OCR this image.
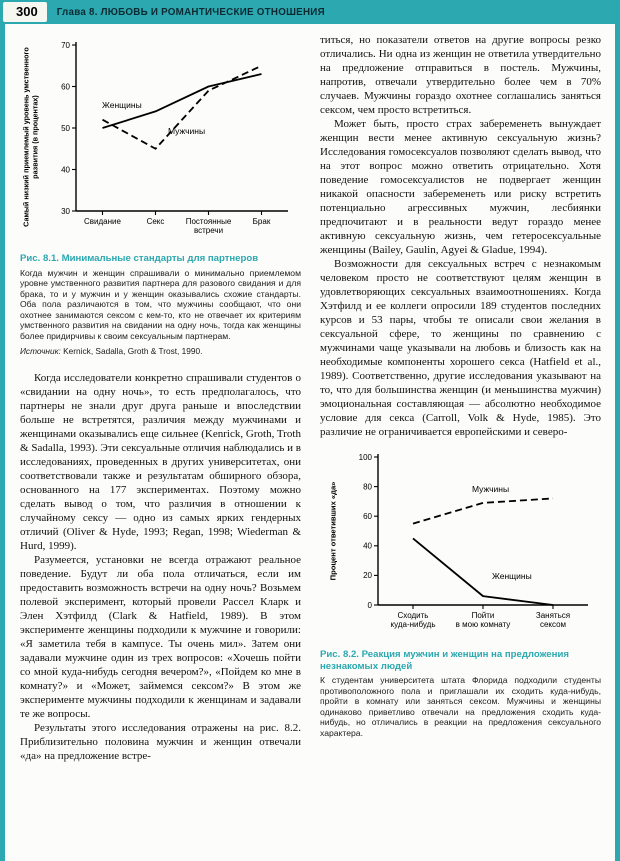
300	Глава 8. ЛЮБОВЬ И РОМАНТИЧЕСКИЕ ОТНОШЕНИЯ
Самый низкий приемлемый уровень умственного развития (в процентах)
30
40
50
60
70
Свидание	Секс	Постоянные
встречи
Брак
Женщины
Мужчины
Рис. 8.1. Минимальные стандарты для партнеров
Когда мужчин и женщин спрашивали о минимально приемлемом уровне умственного развития партнера для разового свидания и для брака, то и у мужчин и у женщин оказывались схожие стандарты. Оба пола различаются в том, что мужчины сообщают, что они охотнее занимаются сексом с кем-то, кто не отвечает их критериям умственного развития на свидании на одну ночь, тогда как женщины более придирчивы к своим сексуальным партнерам.
Источник: Kernick, Sadalla, Groth & Trost, 1990.

Когда исследователи конкретно спрашивали студентов о «свидании на одну ночь», то есть предполагалось, что партнеры не знали друг друга раньше и впоследствии больше не встретятся, различия между мужчинами и женщинами оказывались еще сильнее (Kenrick, Groth, Troth & Sadalla, 1993). Эти сексуальные отличия наблюдались и в исследованиях, проведенных в других университетах, они соответствовали также и результатам обширного обзора, основанного на 177 экспериментах. Поэтому можно сделать вывод о том, что различия в отношении к случайному сексу — одно из самых ярких гендерных отличий (Oliver & Hyde, 1993; Regan, 1998; Wiederman & Hurd, 1999).

Разумеется, установки не всегда отражают реальное поведение. Будут ли оба пола отличаться, если им предоставить возможность встречи на одну ночь? Возьмем полевой эксперимент, который провели Рассел Кларк и Элен Хэтфилд (Clark & Hatfield, 1989). В этом эксперименте женщины подходили к мужчине и говорили: «Я заметила тебя в кампусе. Ты очень мил». Затем они задавали мужчине один из трех вопросов: «Хочешь пойти со мной куда-нибудь сегодня вечером?», «Пойдем ко мне в комнату?» и «Может, займемся сексом?» В этом же эксперименте мужчины подходили к женщинам и задавали те же вопросы.

Результаты этого исследования отражены на рис. 8.2. Приблизительно половина мужчин и женщин отвечали «да» на предложение встре-

титься, но показатели ответов на другие вопросы резко отличались. Ни одна из женщин не ответила утвердительно на предложение отправиться в постель. Мужчины, напротив, отвечали утвердительно более чем в 70% случаев. Мужчины гораздо охотнее соглашались заняться сексом, чем просто встретиться.

Может быть, просто страх забеременеть вынуждает женщин вести менее активную сексуальную жизнь? Исследования гомосексуалов позволяют сделать вывод, что на этот вопрос можно ответить отрицательно. Хотя поведение гомосексуалистов не подвергает женщин никакой опасности забеременеть или риску встретить потенциально агрессивных мужчин, лесбиянки предпочитают и в реальности ведут гораздо менее активную сексуальную жизнь, чем гетеросексуальные женщины (Bailey, Gaulin, Agyei & Gladue, 1994).

Возможности для сексуальных встреч с незнакомым человеком просто не соответствуют целям женщин в удовлетворяющих сексуальных взаимоотношениях. Когда Хэтфилд и ее коллеги опросили 189 студентов последних курсов и 53 пары, чтобы те описали свои желания в сексуальной сфере, то женщины по сравнению с мужчинами чаще указывали на любовь и близость как на необходимые компоненты хорошего секса (Hatfield et al., 1989). Соответственно, другие исследования указывают на то, что для большинства женщин (и меньшинства мужчин) эмоциональная составляющая — абсолютно необходимое условие для секса (Carroll, Volk & Hyde, 1985). Это различие не ограничивается европейскими и северо-

Процент ответивших «да»
0
20
40
60
80
100
Сходить
куда-нибудь
Пойти
в мою комнату
Заняться
сексом
Мужчины
Женщины
Рис. 8.2. Реакция мужчин и женщин на предложения незнакомых людей
К студентам университета штата Флорида подходили студенты противоположного пола и приглашали их сходить куда-нибудь, пройти в комнату или заняться сексом. Мужчины и женщины одинаково приветливо отвечали на предложения сходить куда-нибудь, но отличались в реакции на предложения сексуального характера.
